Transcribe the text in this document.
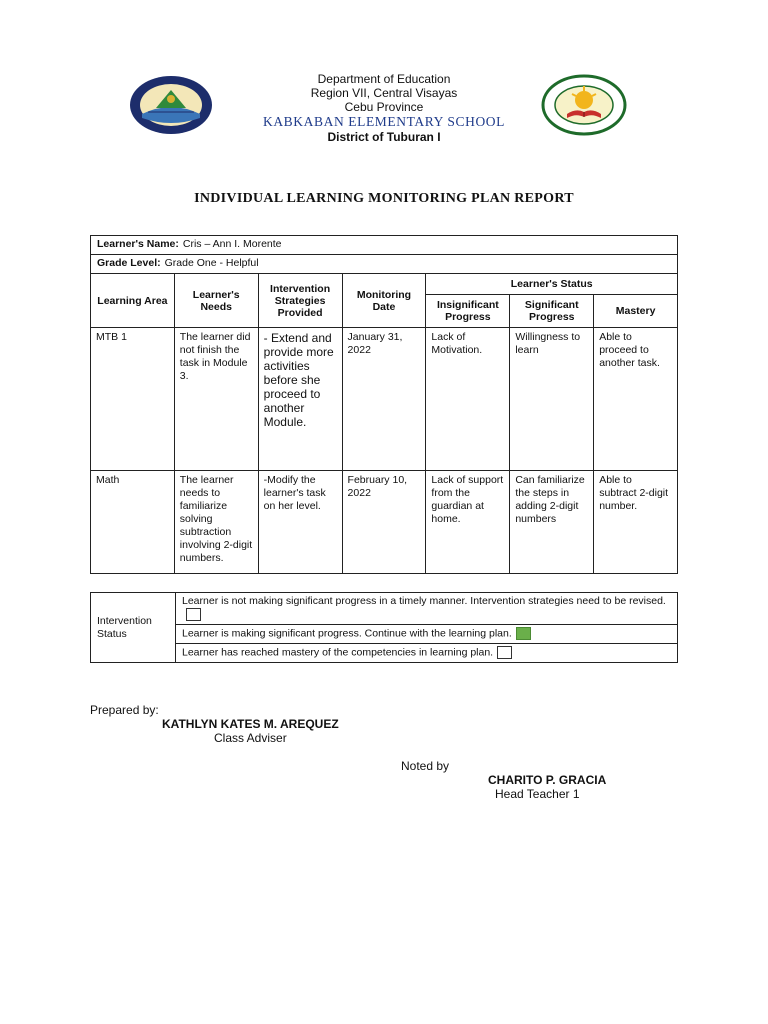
Department of Education
Region VII, Central Visayas
Cebu Province
KABKABAN ELEMENTARY SCHOOL
District of Tuburan I
INDIVIDUAL LEARNING MONITORING PLAN REPORT
Learner's Name: Cris – Ann I. Morente						
Grade Level: Grade One - Helpful						
Learning Area	Learner's Needs	Intervention Strategies Provided	Monitoring Date	Learner's Status		
				Insignificant Progress	Significant Progress	Mastery
MTB 1	The learner did not finish the task in Module 3.	- Extend and provide more activities before she proceed to another Module.	January 31, 2022	Lack of Motivation.	Willingness to learn	Able to proceed to another task.
Math	The learner needs to familiarize solving subtraction involving 2-digit numbers.	-Modify the learner's task on her level.	February 10, 2022	Lack of support from the guardian at home.	Can familiarize the steps in adding 2-digit numbers	Able to subtract 2-digit number.
Intervention Status	Learner is not making significant progress in a timely manner. Intervention strategies need to be revised.
Learner is making significant progress. Continue with the learning plan.
Learner has reached mastery of the competencies in learning plan.
Prepared by:
KATHLYN KATES M. AREQUEZ
Class Adviser
Noted by
CHARITO P. GRACIA
Head Teacher 1
